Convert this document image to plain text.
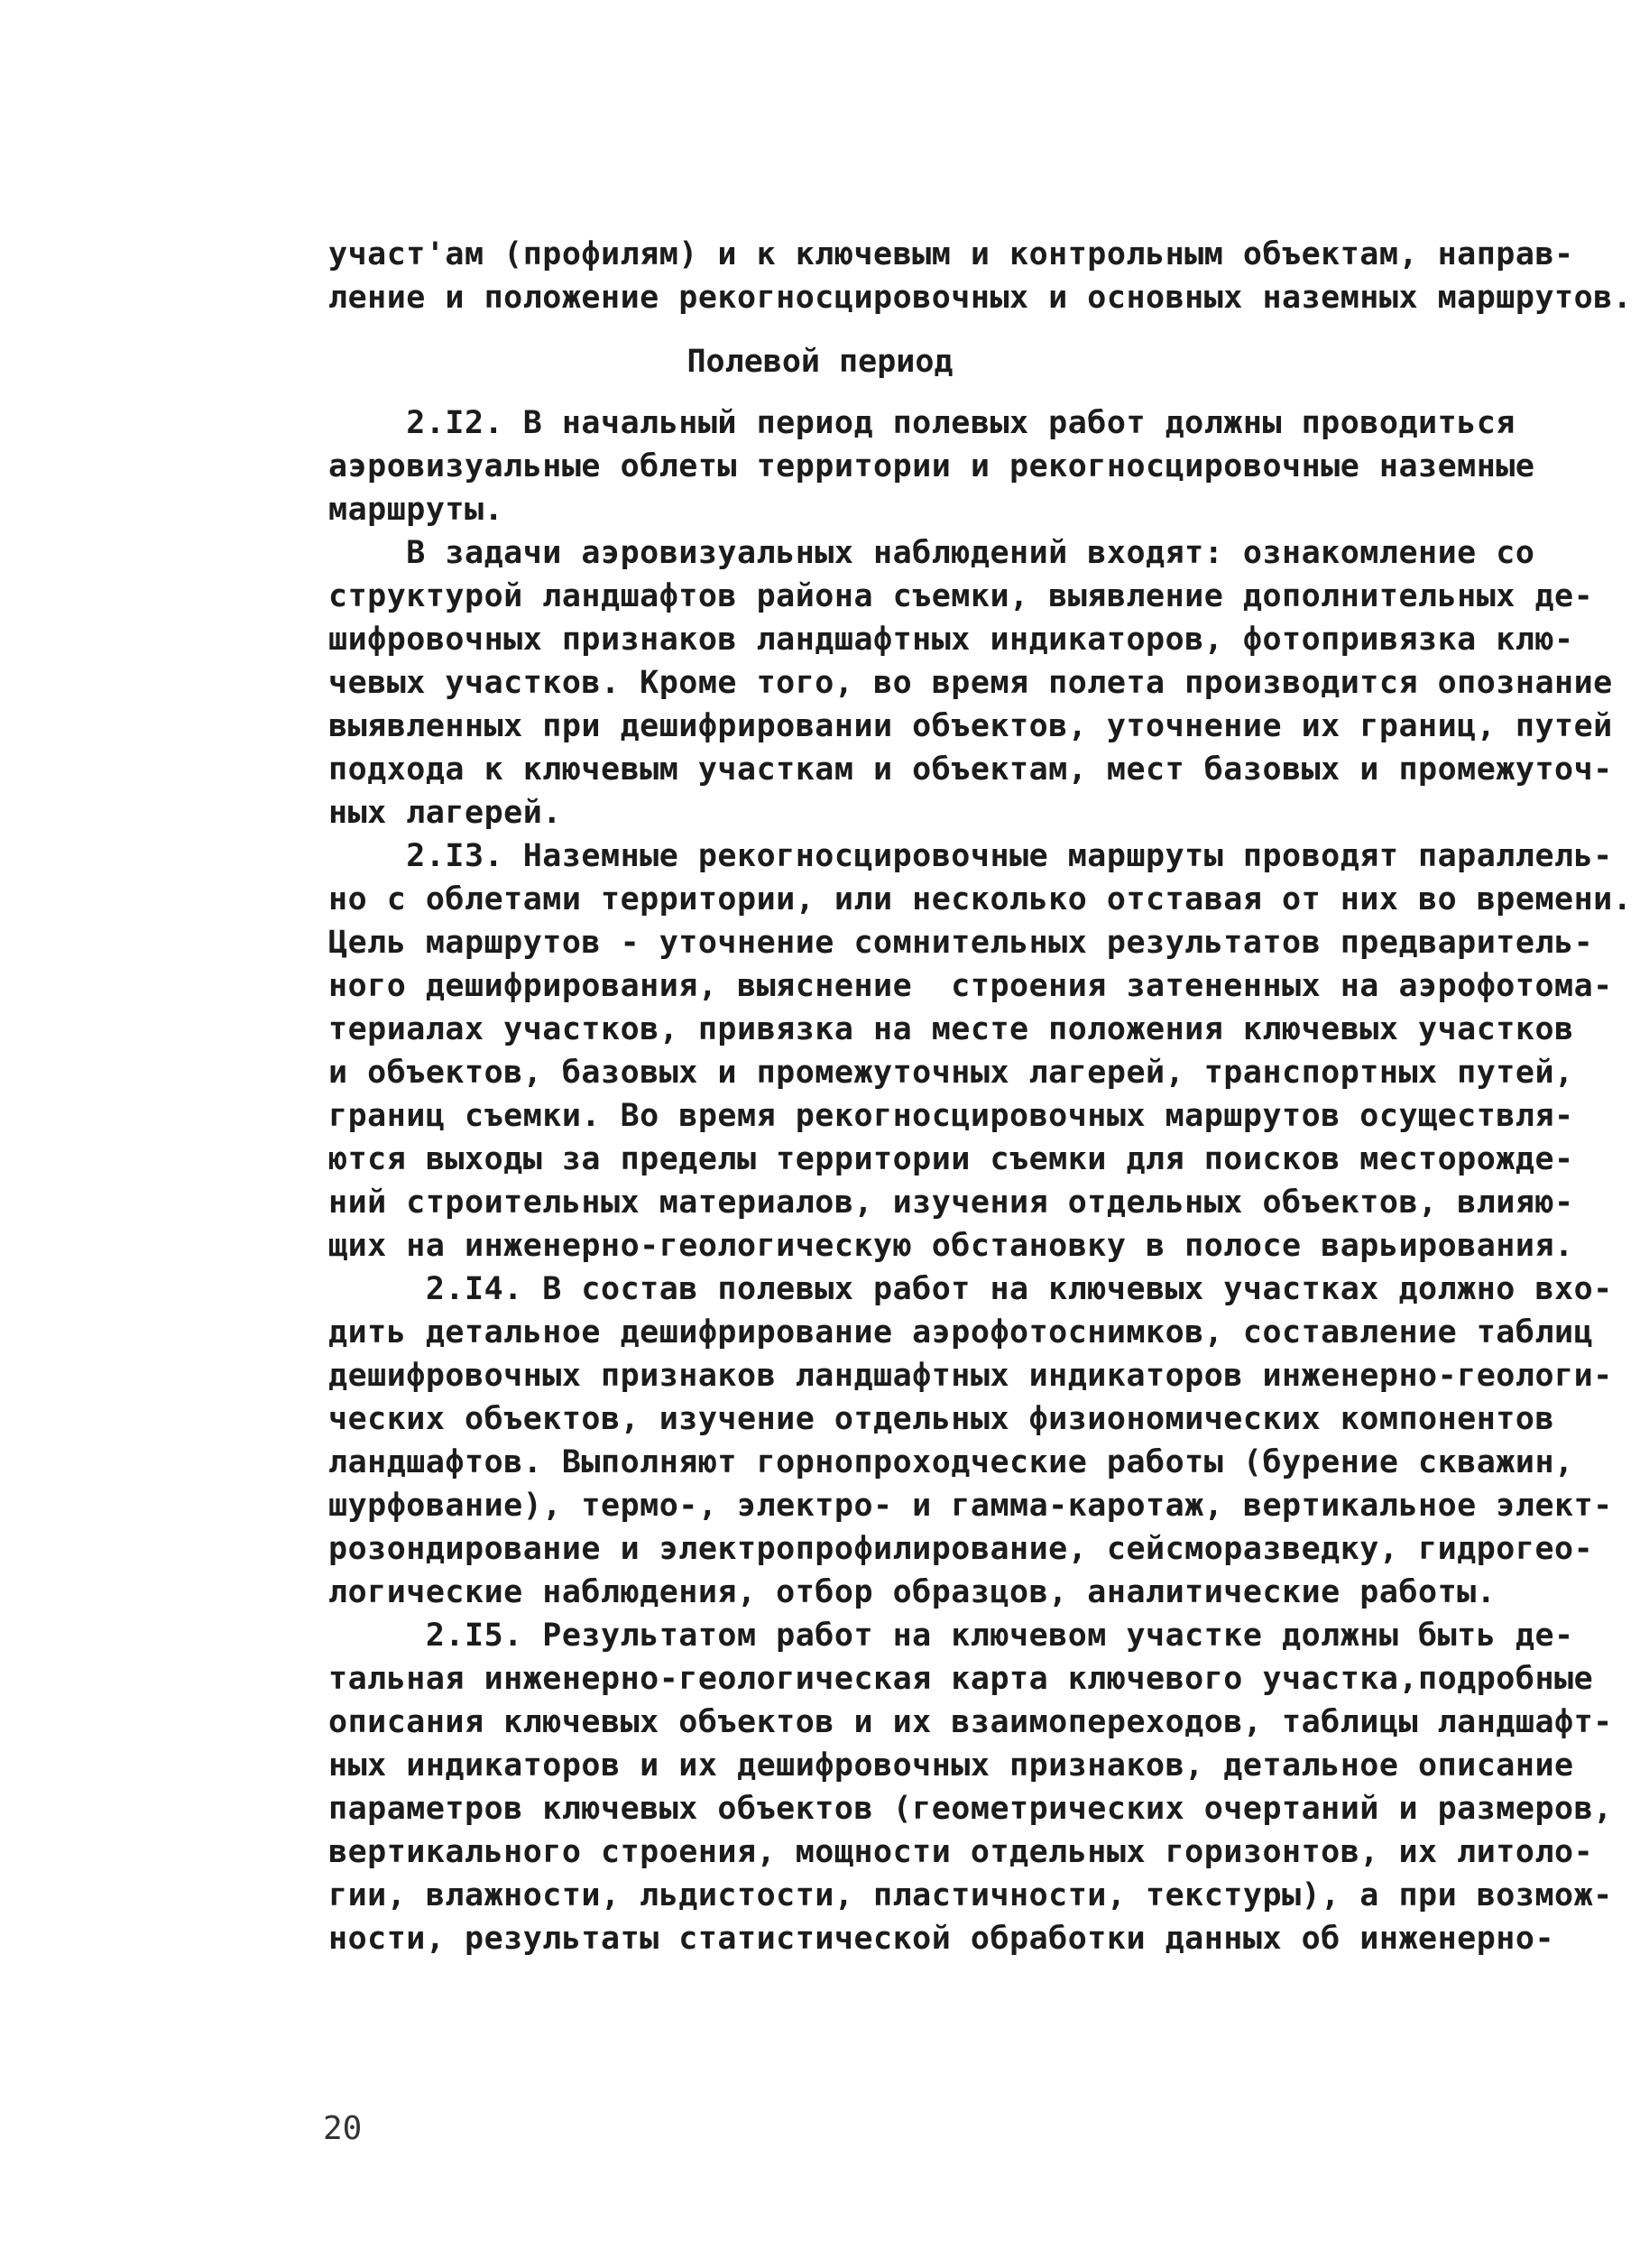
участ'ам (профилям) и к ключевым и контрольным объектам, направ-
ление и положение рекогносцировочных и основных наземных маршрутов.
Полевой период
2.I2. В начальный период полевых работ должны проводиться
аэровизуальные облеты территории и рекогносцировочные наземные
маршруты.
В задачи аэровизуальных наблюдений входят: ознакомление со
структурой ландшафтов района съемки, выявление дополнительных де-
шифровочных признаков ландшафтных индикаторов, фотопривязка клю-
чевых участков. Кроме того, во время полета производится опознание
выявленных при дешифрировании объектов, уточнение их границ, путей
подхода к ключевым участкам и объектам, мест базовых и промежуточ-
ных лагерей.
2.I3. Наземные рекогносцировочные маршруты проводят параллель-
но с облетами территории, или несколько отставая от них во времени.
Цель маршрутов - уточнение сомнительных результатов предваритель-
ного дешифрирования, выяснение  строения затененных на аэрофотома-
териалах участков, привязка на месте положения ключевых участков
и объектов, базовых и промежуточных лагерей, транспортных путей,
границ съемки. Во время рекогносцировочных маршрутов осуществля-
ются выходы за пределы территории съемки для поисков месторожде-
ний строительных материалов, изучения отдельных объектов, влияю-
щих на инженерно-геологическую обстановку в полосе варьирования.
2.I4. В состав полевых работ на ключевых участках должно вхо-
дить детальное дешифрирование аэрофотоснимков, составление таблиц
дешифровочных признаков ландшафтных индикаторов инженерно-геологи-
ческих объектов, изучение отдельных физиономических компонентов
ландшафтов. Выполняют горнопроходческие работы (бурение скважин,
шурфование), термо-, электро- и гамма-каротаж, вертикальное элект-
розондирование и электропрофилирование, сейсморазведку, гидрогео-
логические наблюдения, отбор образцов, аналитические работы.
2.I5. Результатом работ на ключевом участке должны быть де-
тальная инженерно-геологическая карта ключевого участка,подробные
описания ключевых объектов и их взаимопереходов, таблицы ландшафт-
ных индикаторов и их дешифровочных признаков, детальное описание
параметров ключевых объектов (геометрических очертаний и размеров,
вертикального строения, мощности отдельных горизонтов, их литоло-
гии, влажности, льдистости, пластичности, текстуры), а при возмож-
ности, результаты статистической обработки данных об инженерно-
20
